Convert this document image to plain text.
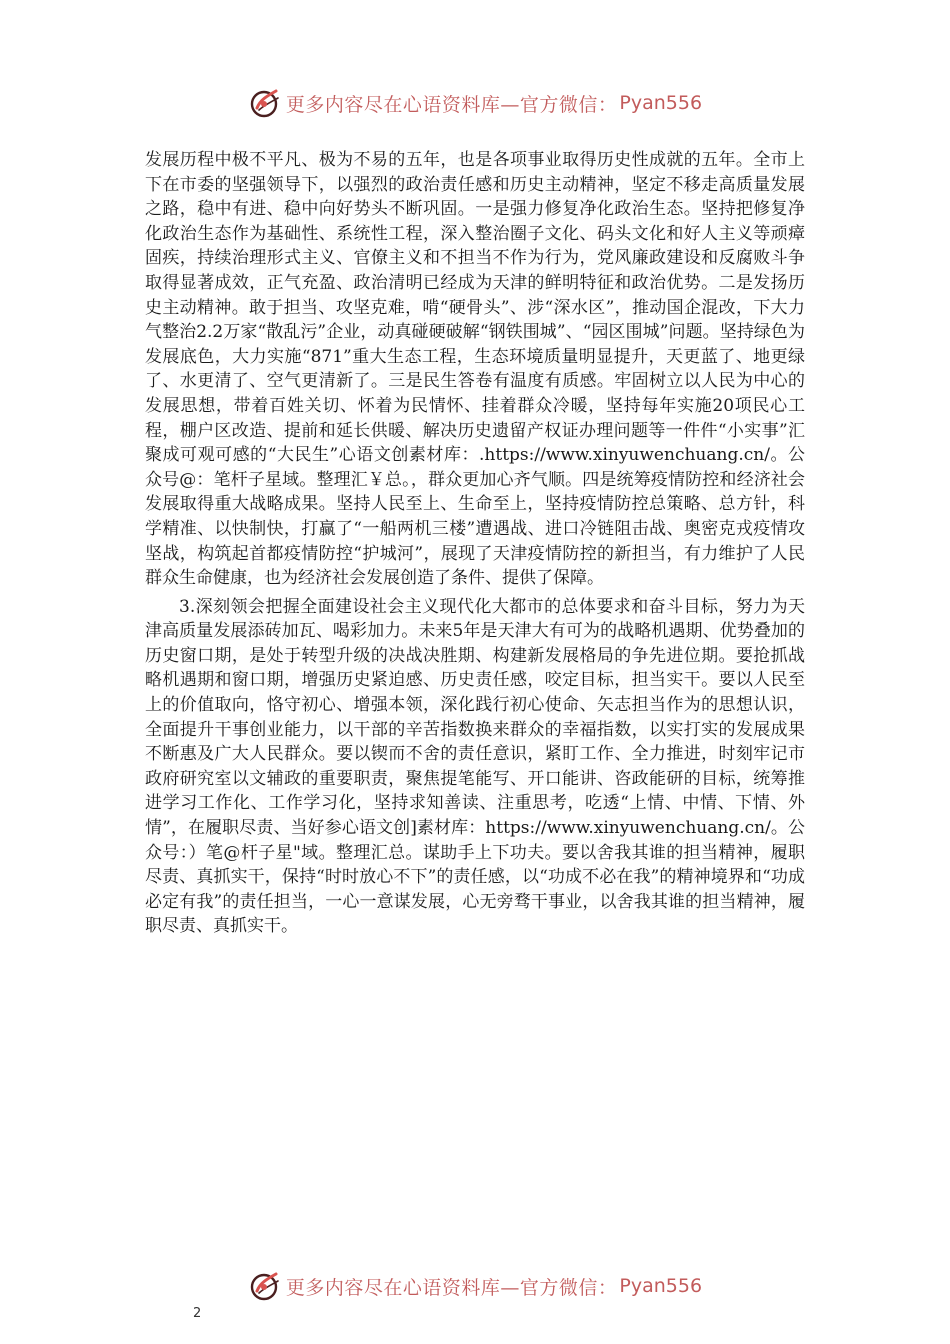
更多内容尽在心语资料库—官方微信： Pyan556

发展历程中极不平凡、极为不易的五年，也是各项事业取得历史性成就的五年。全市上下在市委的坚强领导下，以强烈的政治责任感和历史主动精神，坚定不移走高质量发展之路，稳中有进、稳中向好势头不断巩固。一是强力修复净化政治生态。坚持把修复净化政治生态作为基础性、系统性工程，深入整治圈子文化、码头文化和好人主义等顽瘴固疾，持续治理形式主义、官僚主义和不担当不作为行为，党风廉政建设和反腐败斗争取得显著成效，正气充盈、政治清明已经成为天津的鲜明特征和政治优势。二是发扬历史主动精神。敢于担当、攻坚克难，啃“硬骨头”、涉“深水区”，推动国企混改，下大力气整治2.2万家“散乱污”企业，动真碰硬破解“钢铁围城”、“园区围城”问题。坚持绿色为发展底色，大力实施“871”重大生态工程，生态环境质量明显提升，天更蓝了、地更绿了、水更清了、空气更清新了。三是民生答卷有温度有质感。牢固树立以人民为中心的发展思想，带着百姓关切、怀着为民情怀、挂着群众冷暖，坚持每年实施20项民心工程，棚户区改造、提前和延长供暖、解决历史遗留产权证办理问题等一件件“小实事”汇聚成可观可感的“大民生”心语文创素材库：.https://www.xinyuwenchuang.cn/。公众号@：笔杆子星域。整理汇￥总。，群众更加心齐气顺。四是统筹疫情防控和经济社会发展取得重大战略成果。坚持人民至上、生命至上，坚持疫情防控总策略、总方针，科学精准、以快制快，打赢了“一船两机三楼”遭遇战、进口冷链阻击战、奥密克戎疫情攻坚战，构筑起首都疫情防控“护城河”，展现了天津疫情防控的新担当，有力维护了人民群众生命健康，也为经济社会发展创造了条件、提供了保障。

3.深刻领会把握全面建设社会主义现代化大都市的总体要求和奋斗目标，努力为天津高质量发展添砖加瓦、喝彩加力。未来5年是天津大有可为的战略机遇期、优势叠加的历史窗口期，是处于转型升级的决战决胜期、构建新发展格局的争先进位期。要抢抓战略机遇期和窗口期，增强历史紧迫感、历史责任感，咬定目标，担当实干。要以人民至上的价值取向，恪守初心、增强本领，深化践行初心使命、矢志担当作为的思想认识，全面提升干事创业能力，以干部的辛苦指数换来群众的幸福指数，以实打实的发展成果不断惠及广大人民群众。要以锲而不舍的责任意识，紧盯工作、全力推进，时刻牢记市政府研究室以文辅政的重要职责，聚焦提笔能写、开口能讲、咨政能研的目标，统筹推进学习工作化、工作学习化，坚持求知善读、注重思考，吃透“上情、中情、下情、外情”，在履职尽责、当好参心语文创]素材库：https://www.xinyuwenchuang.cn/。公众号：）笔@杆子星"域。整理汇总。谋助手上下功夫。要以舍我其谁的担当精神，履职尽责、真抓实干，保持“时时放心不下”的责任感，以“功成不必在我”的精神境界和“功成必定有我”的责任担当，一心一意谋发展，心无旁骛干事业，以舍我其谁的担当精神，履职尽责、真抓实干。

更多内容尽在心语资料库—官方微信： Pyan556
2
